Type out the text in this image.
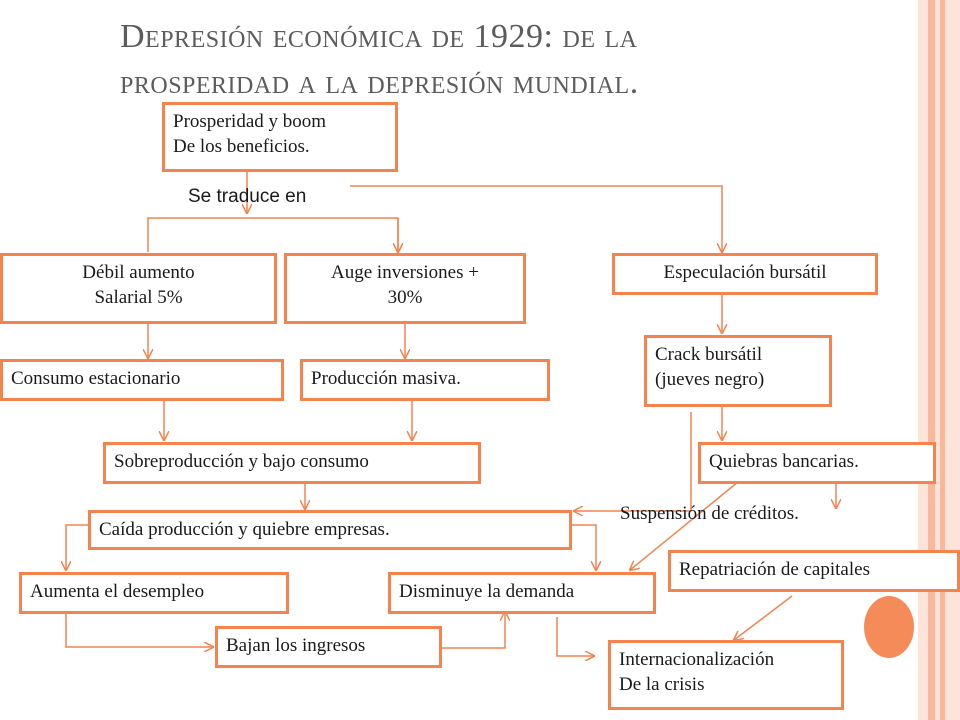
Depresión económica de 1929: de la
prosperidad a la depresión mundial.
Prosperidad y boom
De los beneficios.
Se traduce en
Débil aumento
Salarial 5%
Auge inversiones +
30%
Especulación bursátil
Consumo estacionario	Producción masiva.
Crack bursátil
(jueves negro)
Sobreproducción y bajo consumo	Quiebras bancarias.
Suspensión de créditos.
Caída producción y quiebre empresas.
Aumenta el desempleo	Disminuye la demanda
Repatriación de capitales
Bajan los ingresos
Internacionalización
De la crisis
